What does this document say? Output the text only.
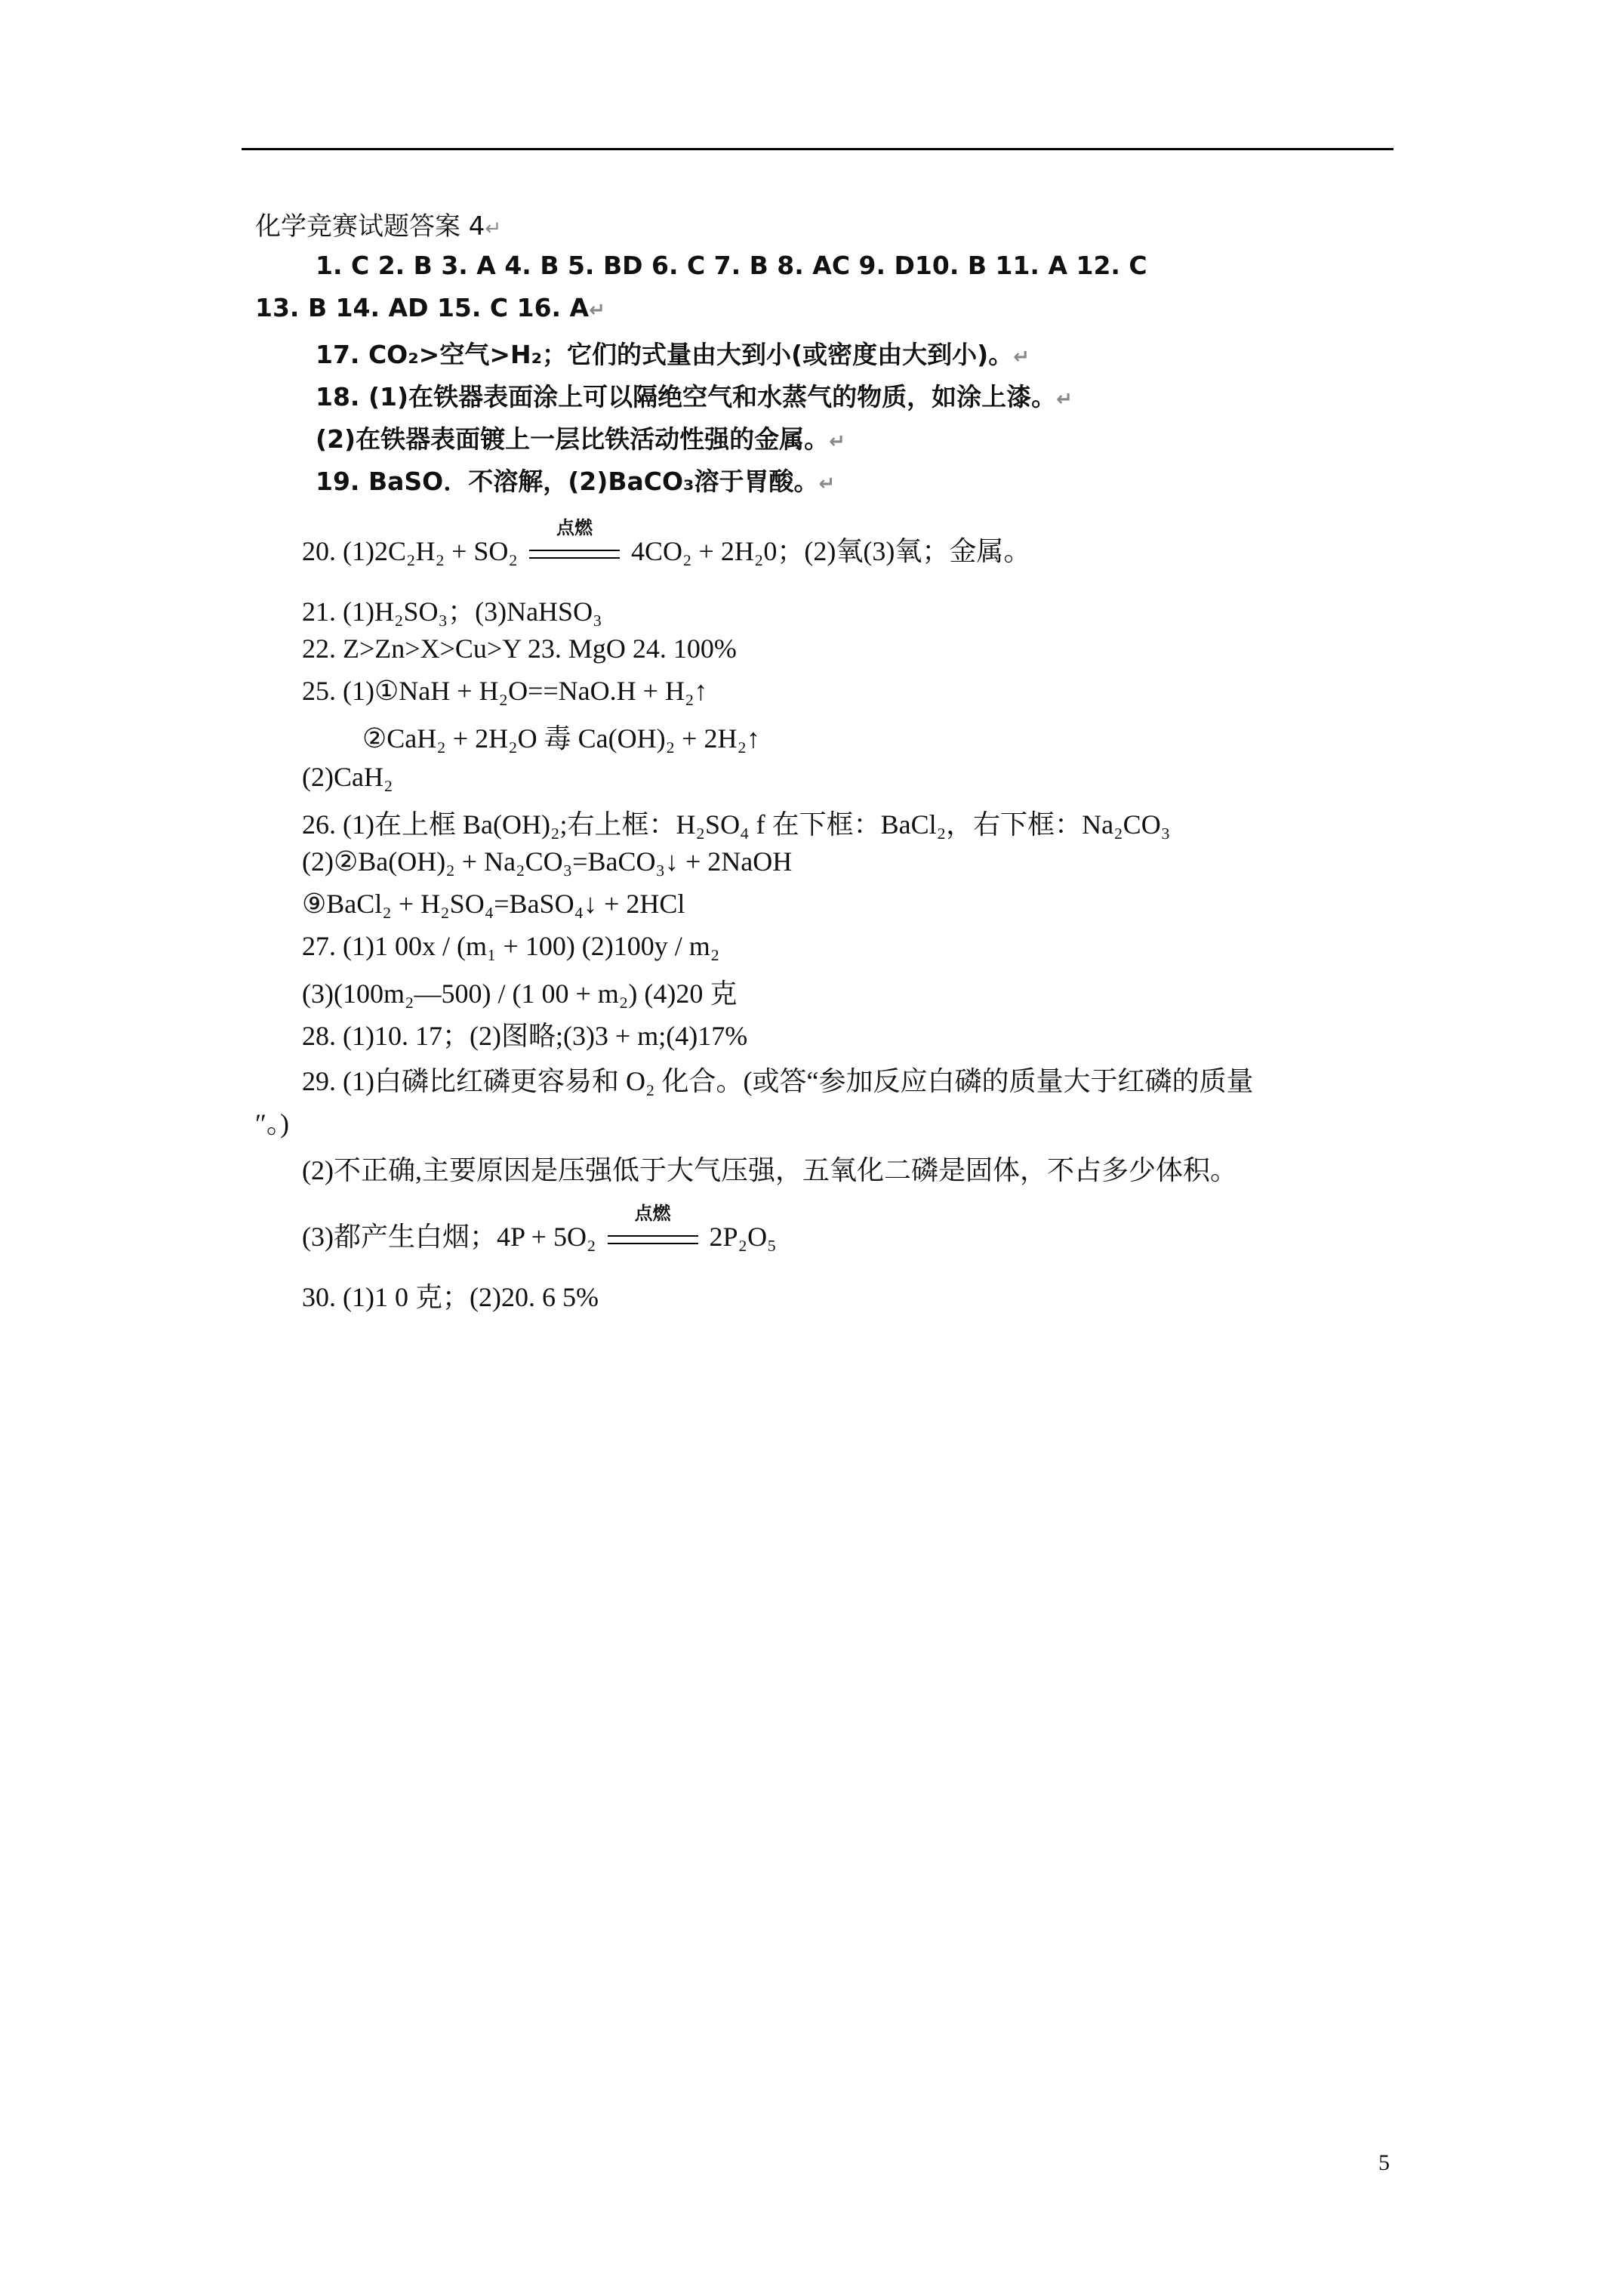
化学竞赛试题答案 4↵
1. C 2. B 3. A 4. B 5. BD 6. C 7. B 8. AC 9. D10. B 11. A 12. C
13. B 14. AD 15. C 16. A↵
17. CO₂>空气>H₂；它们的式量由大到小(或密度由大到小)。↵
18. (1)在铁器表面涂上可以隔绝空气和水蒸气的物质，如涂上漆。↵
(2)在铁器表面镀上一层比铁活动性强的金属。↵
19. BaSO．不溶解，(2)BaCO₃溶于胃酸。↵
20. (1)2C₂H₂ + SO₂
点燃
4CO₂ + 2H₂0；(2)氧(3)氧；金属。
21. (1)H₂SO₃；(3)NaHSO₃
22. Z>Zn>X>Cu>Y 23. MgO 24. 100%
25. (1)①NaH + H₂O==NaO.H + H₂↑
②CaH₂ + 2H₂O 毒 Ca(OH)₂ + 2H₂↑
(2)CaH₂
26. (1)在上框 Ba(OH)₂;右上框：H₂SO₄ f 在下框：BaCl₂，右下框：Na₂CO₃
(2)②Ba(OH)₂ + Na₂CO₃=BaCO₃↓ + 2NaOH
⑨BaCl₂ + H₂SO₄=BaSO₄↓ + 2HCl
27. (1)1 00x / (m₁ + 100) (2)100y / m₂
(3)(100m₂—500) / (1 00 + m₂) (4)20 克
28. (1)10. 17；(2)图略;(3)3 + m;(4)17%
29. (1)白磷比红磷更容易和 O₂ 化合。(或答“参加反应白磷的质量大于红磷的质量
″。)
(2)不正确,主要原因是压强低于大气压强，五氧化二磷是固体，不占多少体积。
(3)都产生白烟；4P + 5O₂
点燃
2P₂O₅
30. (1)1 0 克；(2)20. 6 5%
5
